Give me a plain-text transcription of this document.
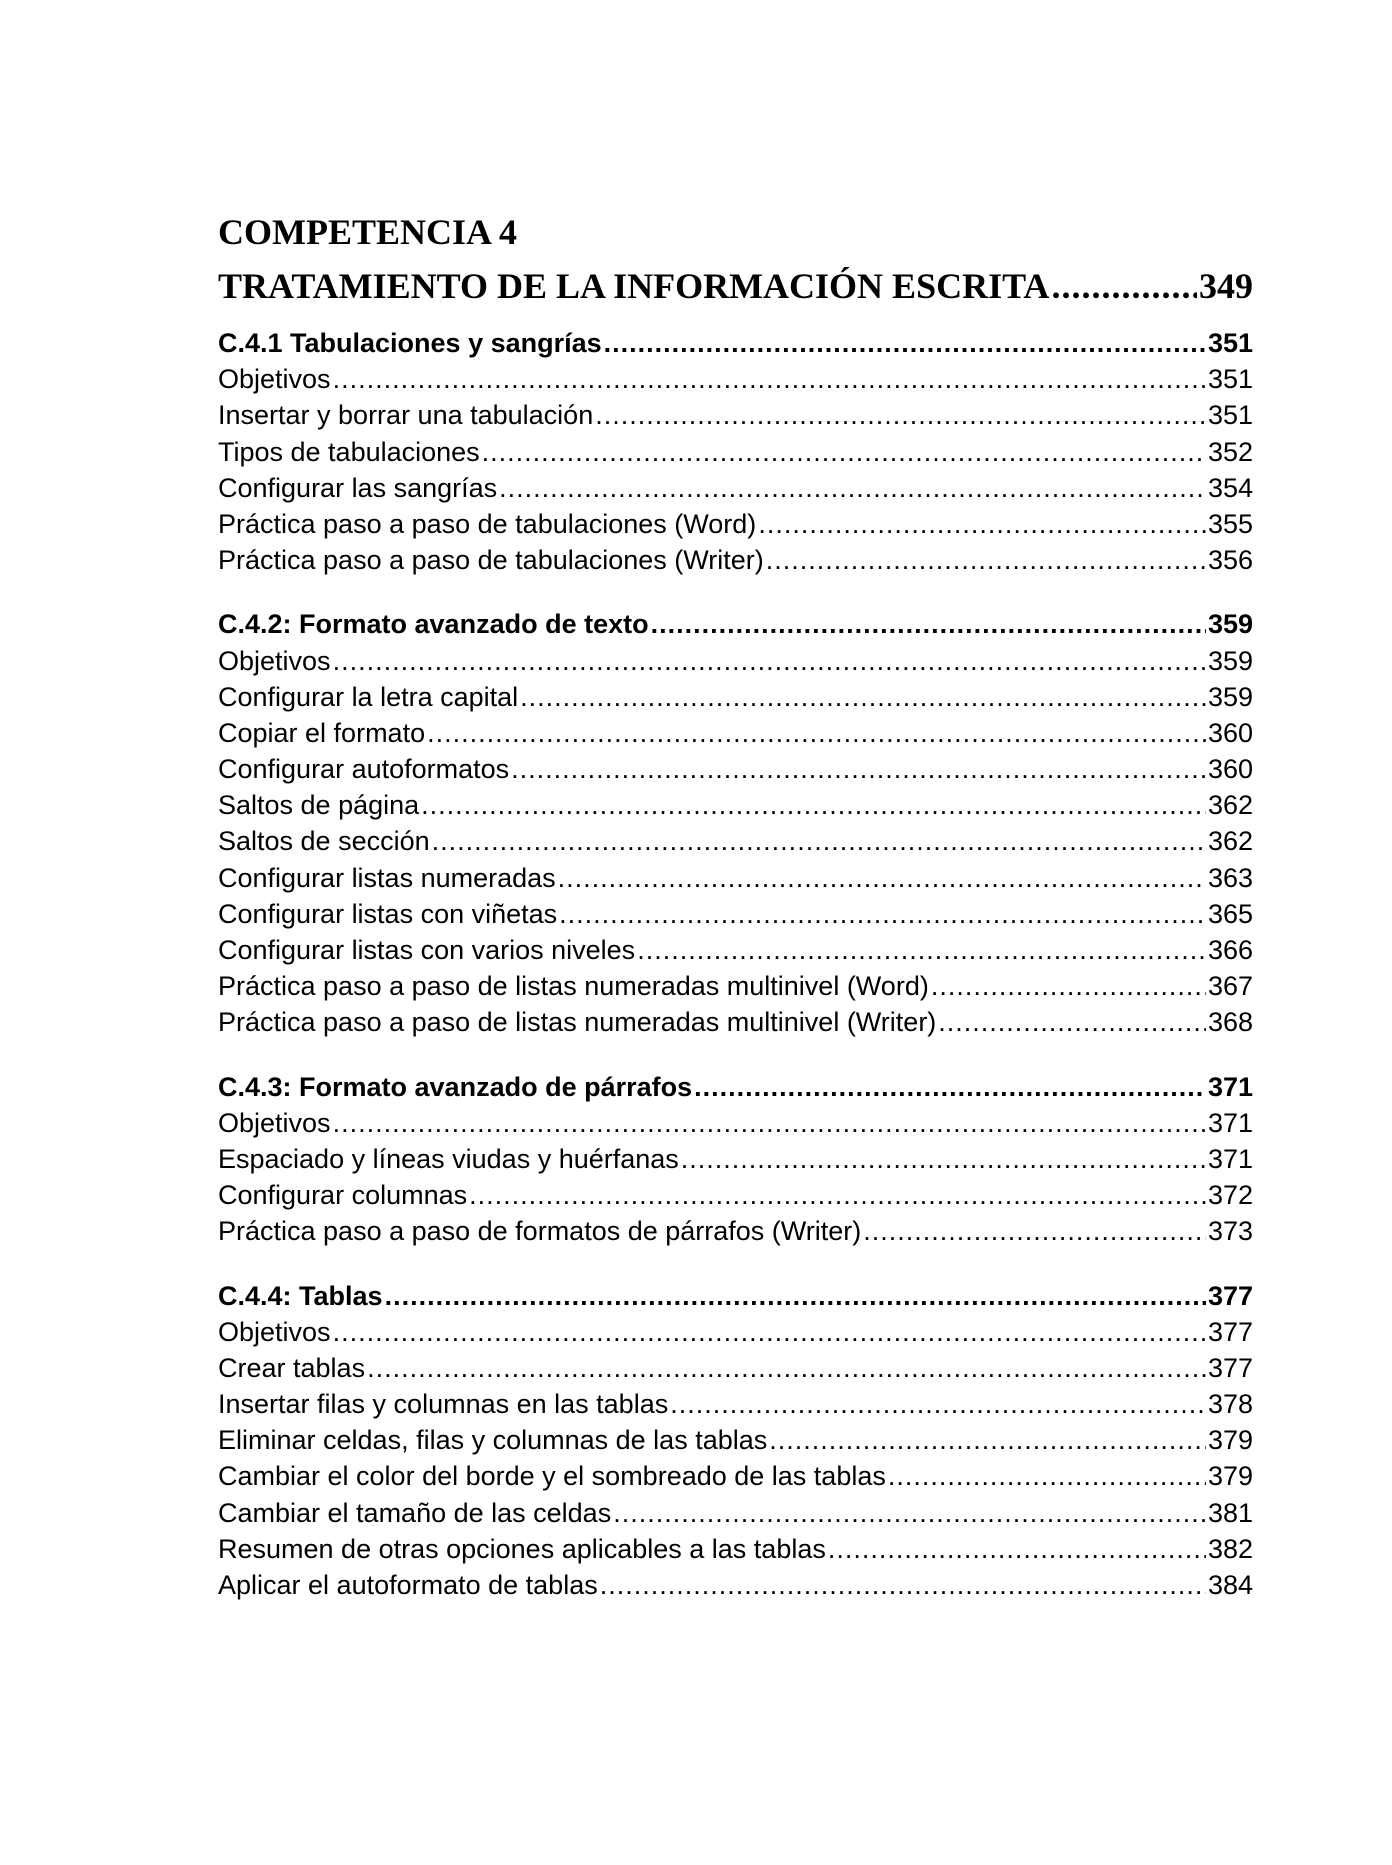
COMPETENCIA 4
TRATAMIENTO DE LA INFORMACIÓN ESCRITA .....	349
C.4.1 Tabulaciones y sangrías .....	351
Objetivos .....	351
Insertar y borrar una tabulación .....	351
Tipos de tabulaciones .....	352
Configurar las sangrías .....	354
Práctica paso a paso de tabulaciones (Word) .....	355
Práctica paso a paso de tabulaciones (Writer) .....	356
C.4.2: Formato avanzado de texto .....	359
Objetivos .....	359
Configurar la letra capital .....	359
Copiar el formato .....	360
Configurar autoformatos .....	360
Saltos de página .....	362
Saltos de sección .....	362
Configurar listas numeradas .....	363
Configurar listas con viñetas .....	365
Configurar listas con varios niveles .....	366
Práctica paso a paso de listas numeradas multinivel (Word) .....	367
Práctica paso a paso de listas numeradas multinivel (Writer) .....	368
C.4.3: Formato avanzado de párrafos .....	371
Objetivos .....	371
Espaciado y líneas viudas y huérfanas .....	371
Configurar columnas .....	372
Práctica paso a paso de formatos de párrafos (Writer) .....	373
C.4.4: Tablas .....	377
Objetivos .....	377
Crear tablas .....	377
Insertar filas y columnas en las tablas .....	378
Eliminar celdas, filas y columnas de las tablas .....	379
Cambiar el color del borde y el sombreado de las tablas .....	379
Cambiar el tamaño de las celdas .....	381
Resumen de otras opciones aplicables a las tablas .....	382
Aplicar el autoformato de tablas .....	384
